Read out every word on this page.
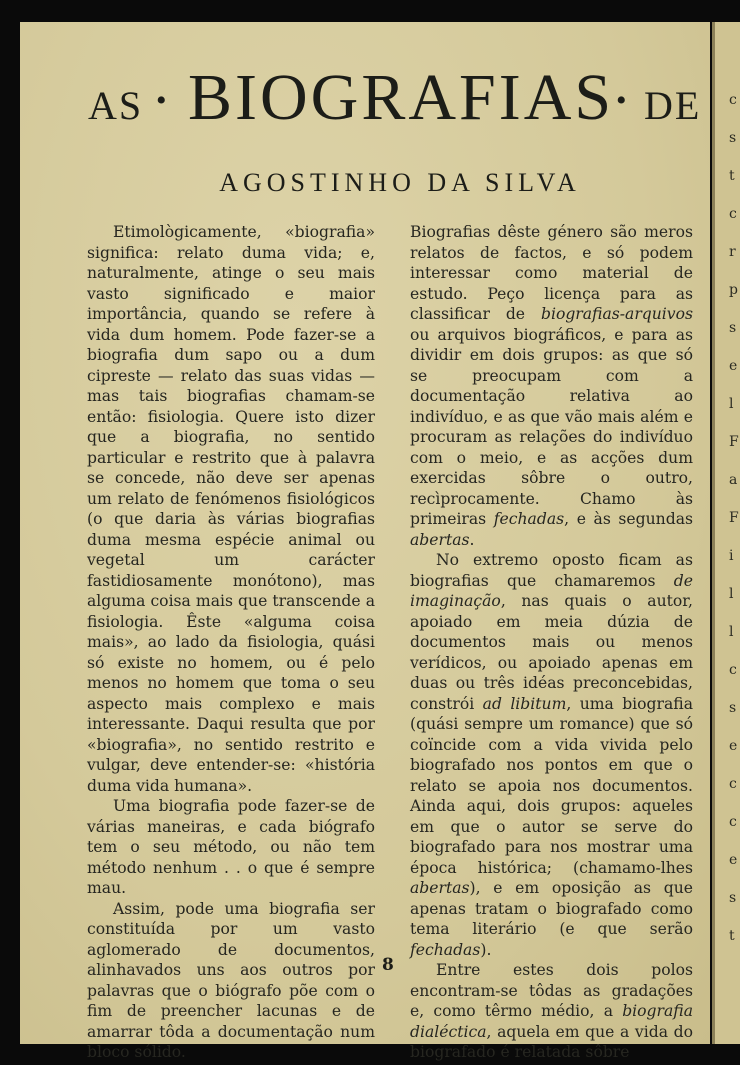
c
s
t
c
r
p
s
e
l
F
a
F
i
l
l
c
s
e
c
c
e
s
t
AS • BIOGRAFIAS • DE
AGOSTINHO DA SILVA

Etimològicamente, «biografia» significa: relato duma vida; e, naturalmente, atinge o seu mais vasto significado e maior importância, quando se refere à vida dum homem. Pode fazer-se a biografia dum sapo ou a dum cipreste — relato das suas vidas — mas tais biografias chamam-se então: fisiologia. Quere isto dizer que a biografia, no sentido particular e restrito que à palavra se concede, não deve ser apenas um relato de fenómenos fisiológicos (o que daria às várias biografias duma mesma espécie animal ou vegetal um carácter fastidiosamente monótono), mas alguma coisa mais que transcende a fisiologia. Êste «alguma coisa mais», ao lado da fisiologia, quási só existe no homem, ou é pelo menos no homem que toma o seu aspecto mais complexo e mais interessante. Daqui resulta que por «biografia», no sentido restrito e vulgar, deve entender-se: «história duma vida humana».

Uma biografia pode fazer-se de várias maneiras, e cada biógrafo tem o seu método, ou não tem método nenhum . . o que é sempre mau.

Assim, pode uma biografia ser constituída por um vasto aglomerado de documentos, alinhavados uns aos outros por palavras que o biógrafo põe com o fim de preencher lacunas e de amarrar tôda a documentação num bloco sólido.

Biografias dêste género são meros relatos de factos, e só podem interessar como material de estudo. Peço licença para as classificar de biografias-arquivos ou arquivos biográficos, e para as dividir em dois grupos: as que só se preocupam com a documentação relativa ao indivíduo, e as que vão mais além e procuram as relações do indivíduo com o meio, e as acções dum exercidas sôbre o outro, recìprocamente. Chamo às primeiras fechadas, e às segundas abertas.

No extremo oposto ficam as biografias que chamaremos de imaginação, nas quais o autor, apoiado em meia dúzia de documentos mais ou menos verídicos, ou apoiado apenas em duas ou três idéas preconcebidas, constrói ad libitum, uma biografia (quási sempre um romance) que só coïncide com a vida vivida pelo biografado nos pontos em que o relato se apoia nos documentos. Ainda aqui, dois grupos: aqueles em que o autor se serve do biografado para nos mostrar uma época histórica; (chamamo-lhes abertas), e em oposição as que apenas tratam o biografado como tema literário (e que serão fechadas).

Entre estes dois polos encontram-se tôdas as gradações e, como têrmo médio, a biografia dialéctica, aquela em que a vida do biografado é relatada sôbre

8
